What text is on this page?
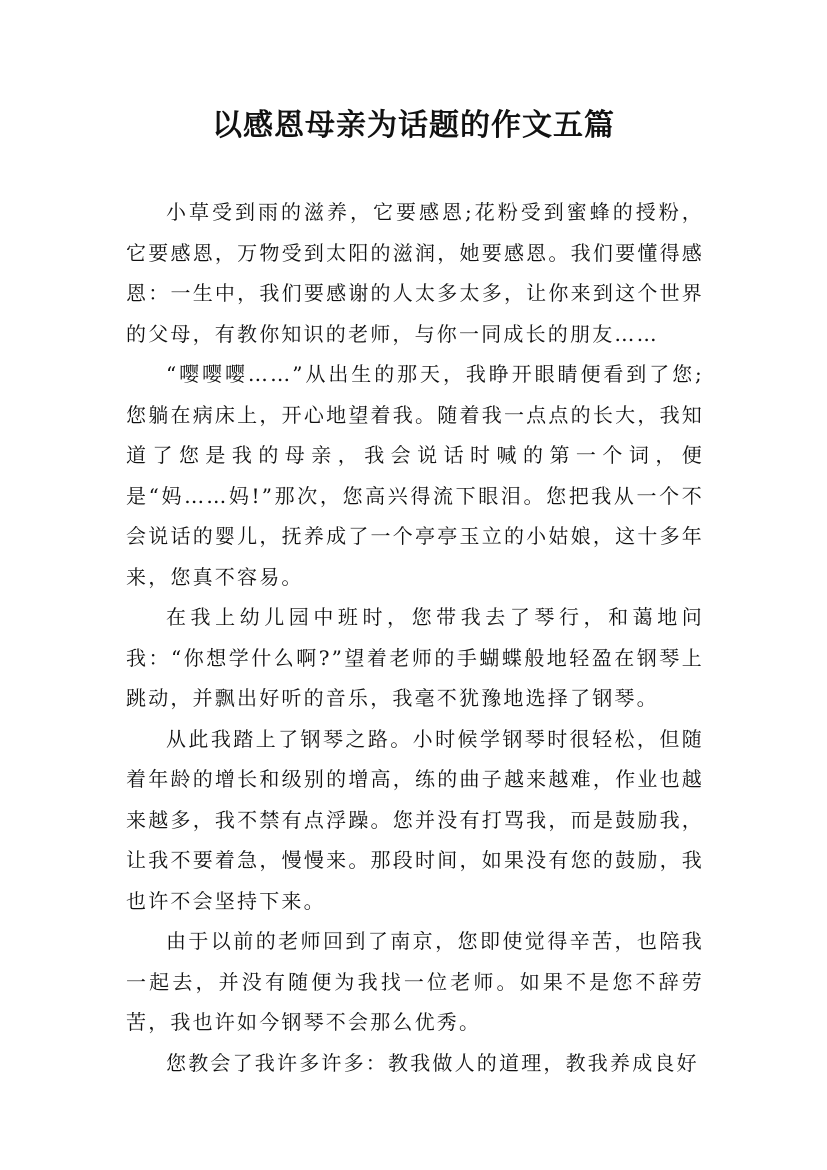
以感恩母亲为话题的作文五篇

小草受到雨的滋养，它要感恩;花粉受到蜜蜂的授粉，它要感恩，万物受到太阳的滋润，她要感恩。我们要懂得感恩：一生中，我们要感谢的人太多太多，让你来到这个世界的父母，有教你知识的老师，与你一同成长的朋友……

“嘤嘤嘤……”从出生的那天，我睁开眼睛便看到了您;您躺在病床上，开心地望着我。随着我一点点的长大，我知道了您是我的母亲，我会说话时喊的第一个词，便是“妈……妈!”那次，您高兴得流下眼泪。您把我从一个不会说话的婴儿，抚养成了一个亭亭玉立的小姑娘，这十多年来，您真不容易。

在我上幼儿园中班时，您带我去了琴行，和蔼地问我：“你想学什么啊?”望着老师的手蝴蝶般地轻盈在钢琴上跳动，并飘出好听的音乐，我毫不犹豫地选择了钢琴。

从此我踏上了钢琴之路。小时候学钢琴时很轻松，但随着年龄的增长和级别的增高，练的曲子越来越难，作业也越来越多，我不禁有点浮躁。您并没有打骂我，而是鼓励我，让我不要着急，慢慢来。那段时间，如果没有您的鼓励，我也许不会坚持下来。

由于以前的老师回到了南京，您即使觉得辛苦，也陪我一起去，并没有随便为我找一位老师。如果不是您不辞劳苦，我也许如今钢琴不会那么优秀。

您教会了我许多许多：教我做人的道理，教我养成良好
